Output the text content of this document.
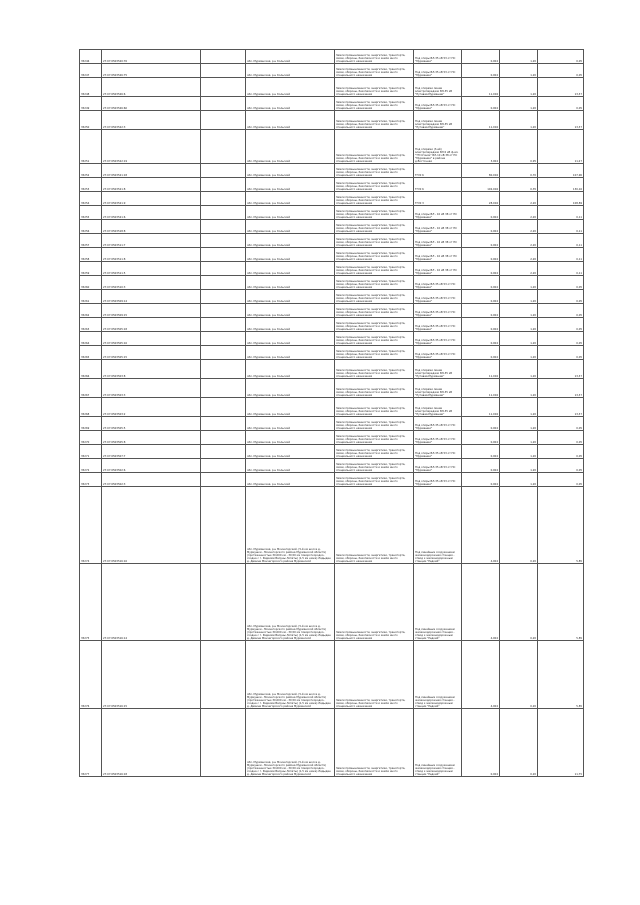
35246	27:07:0503520:76		обл. Мурманская, р-н Кольский	Земли промышленности, энергетики, транспорта, связи, обороны, безопасности и земли иного специального назначения	Под опоры ВЛ-35 кВ 53 от ПС "Мурмашии"	0,004	1,20	0,05
35247	27:07:0503526:75		обл. Мурманская, р-н Кольский	Земли промышленности, энергетики, транспорта, связи, обороны, безопасности и земли иного специального назначения	Под опоры ВЛ-35 кВ 53 от ПС "Мурмашии"	0,004	1,20	0,05
35248	27:07:0503526:6		обл. Мурманская, р-н Кольский	Земли промышленности, энергетики, транспорта, связи, обороны, безопасности и земли иного специального назначения	Под опорами линии электропередачи ВЛ-35 кВ "Путевая-Мурмашии"	11,004	1,20	13,37
35249	27:07:0503526:60		обл. Мурманская, р-н Кольский	Земли промышленности, энергетики, транспорта, связи, обороны, безопасности и земли иного специального назначения	Под опоры ВЛ-35 кВ 53 от ПС "Мурмашии"	0,004	1,20	0,05
35250	27:07:0503522:3		обл. Мурманская, р-н Кольский	Земли промышленности, энергетики, транспорта, связи, обороны, безопасности и земли иного специального назначения	Под опорами линии электропередачи ВЛ-35 кВ "Путевая-Мурмашии"	11,004	1,20	13,37
35251	27:07:0503522:19		обл. Мурманская, р-н Кольский	Земли промышленности, энергетики, транспорта, связи, обороны, безопасности и земли иного специального назначения	Под опорами (3-ей) электропередачи ВЛ 6 кВ ф-ал. "ТП Огонёк" ВЛ-10 кВ 38 от ПС "Мурмашии" в районе д.Восточная	3,004	0,95	11,27
35252	27:07:0503521:18		обл. Мурманская, р-н Кольский	Земли промышленности, энергетики, транспорта, связи, обороны, безопасности и земли иного специального назначения	ТП N 6	80,004	0,70	107,96
35253	27:07:0503521:8		обл. Мурманская, р-н Кольский	Земли промышленности, энергетики, транспорта, связи, обороны, безопасности и земли иного специального назначения	ТП N 6	102,004	0,35	130,16
35254	27:07:0503521:9		обл. Мурманская, р-н Кольский	Земли промышленности, энергетики, транспорта, связи, обороны, безопасности и земли иного специального назначения	ТП N 3	28,004	2,20	108,89
35255	27:07:0503521:6		обл. Мурманская, р-н Кольский	Земли промышленности, энергетики, транспорта, связи, обороны, безопасности и земли иного специального назначения	Под опоры ВЛ - 10 кВ 38 от ПС "Мурмашии"	0,004	2,20	0,11
35256	27:07:0503518:8		обл. Мурманская, р-н Кольский	Земли промышленности, энергетики, транспорта, связи, обороны, безопасности и земли иного специального назначения	Под опоры ВЛ - 10 кВ 38 от ПС "Мурмашии"	0,004	2,20	0,11
35257	27:07:0503511:7		обл. Мурманская, р-н Кольский	Земли промышленности, энергетики, транспорта, связи, обороны, безопасности и земли иного специального назначения	Под опоры ВЛ - 10 кВ 38 от ПС "Мурмашии"	0,004	2,20	0,11
35258	27:07:0503511:8		обл. Мурманская, р-н Кольский	Земли промышленности, энергетики, транспорта, связи, обороны, безопасности и земли иного специального назначения	Под опоры ВЛ - 10 кВ 38 от ПС "Мурмашии"	0,004	2,20	0,11
35259	27:07:0503511:5		обл. Мурманская, р-н Кольский	Земли промышленности, энергетики, транспорта, связи, обороны, безопасности и земли иного специального назначения	Под опоры ВЛ - 10 кВ 38 от ПС "Мурмашии"	0,004	2,20	0,11
35260	27:07:0503510:3		обл. Мурманская, р-н Кольский	Земли промышленности, энергетики, транспорта, связи, обороны, безопасности и земли иного специального назначения	Под опоры ВЛ-35 кВ 53 от ПС "Мурмашии"	0,004	1,20	0,05
35261	27:07:0503509:14		обл. Мурманская, р-н Кольский	Земли промышленности, энергетики, транспорта, связи, обороны, безопасности и земли иного специального назначения	Под опоры ВЛ-35 кВ 53 от ПС "Мурмашии"	0,004	1,20	0,05
35262	27:07:0503509:15		обл. Мурманская, р-н Кольский	Земли промышленности, энергетики, транспорта, связи, обороны, безопасности и земли иного специального назначения	Под опоры ВЛ-35 кВ 53 от ПС "Мурмашии"	0,004	1,20	0,05
35263	27:07:0503505:18		обл. Мурманская, р-н Кольский	Земли промышленности, энергетики, транспорта, связи, обороны, безопасности и земли иного специального назначения	Под опоры ВЛ-35 кВ 53 от ПС "Мурмашии"	0,004	1,20	0,05
35264	27:07:0503505:16		обл. Мурманская, р-н Кольский	Земли промышленности, энергетики, транспорта, связи, обороны, безопасности и земли иного специального назначения	Под опоры ВЛ-35 кВ 53 от ПС "Мурмашии"	0,004	1,20	0,05
35265	27:07:0503505:15		обл. Мурманская, р-н Кольский	Земли промышленности, энергетики, транспорта, связи, обороны, безопасности и земли иного специального назначения	Под опоры ВЛ-35 кВ 53 от ПС "Мурмашии"	0,004	1,20	0,05
35266	27:07:0503503:8		обл. Мурманская, р-н Кольский	Земли промышленности, энергетики, транспорта, связи, обороны, безопасности и земли иного специального назначения	Под опорами линии электропередачи ВЛ-35 кВ "Путевая-Мурмашии"	11,004	1,20	13,37
35267	27:07:0503503:3		обл. Мурманская, р-н Кольский	Земли промышленности, энергетики, транспорта, связи, обороны, безопасности и земли иного специального назначения	Под опорами линии электропередачи ВЛ-35 кВ "Путевая-Мурмашии"	11,004	1,20	13,37
35268	27:07:0503503:2		обл. Мурманская, р-н Кольский	Земли промышленности, энергетики, транспорта, связи, обороны, безопасности и земли иного специального назначения	Под опорами линии электропередачи ВЛ-35 кВ "Путевая-Мурмашии"	11,004	1,20	13,37
35269	27:07:0503505:5		обл. Мурманская, р-н Кольский	Земли промышленности, энергетики, транспорта, связи, обороны, безопасности и земли иного специального назначения	Под опоры ВЛ-35 кВ 53 от ПС "Мурмашии"	0,004	1,20	0,05
35270	27:07:0503505:8		обл. Мурманская, р-н Кольский	Земли промышленности, энергетики, транспорта, связи, обороны, безопасности и земли иного специального назначения	Под опоры ВЛ-35 кВ 53 от ПС "Мурмашии"	0,004	1,20	0,05
35271	27:07:0503507:7		обл. Мурманская, р-н Кольский	Земли промышленности, энергетики, транспорта, связи, обороны, безопасности и земли иного специального назначения	Под опоры ВЛ-35 кВ 53 от ПС "Мурмашии"	0,004	1,20	0,05
35272	27:07:0503502:6		обл. Мурманская, р-н Кольский	Земли промышленности, энергетики, транспорта, связи, обороны, безопасности и земли иного специального назначения	Под опоры ВЛ-35 кВ 53 от ПС "Мурмашии"	0,004	1,20	0,05
35273	27:07:0503502:3		обл. Мурманская, р-н Кольский	Земли промышленности, энергетики, транспорта, связи, обороны, безопасности и земли иного специального назначения	Под опоры ВЛ-35 кВ 53 от ПС "Мурмашии"	0,004	1,20	0,05
35274	27:07:0503516:16		обл. Мурманская, р-н Мончегорский, (5-й км шоссе д. Мурмушки - Мончегорского района Мурманской области) (протяженностью 30,000 км - 30,50 км повороткородко-сходна с г. Редкими Валуны Лопаты) (1,5 км ниже) Ладыдан д. Демина Мончегорского района Мурманской	Земли промышленности, энергетики, транспорта, связи, обороны, безопасности и земли иного специального назначения	Под линейным сооружением железнодорожная станция - отвод к железнодорожным станции "Редкий"	4,004	0,20	5,85
35275	27:07:0503516:14		обл. Мурманская, р-н Мончегорский, (5-й км шоссе д. Мурмушки - Мончегорского района Мурманской области) (протяженностью 30,000 км - 30,50 км повороткородко-сходна с г. Редкими Валуны Лопаты) (1,5 км ниже) Ладыдан д. Демина Мончегорского района Мурманской	Земли промышленности, энергетики, транспорта, связи, обороны, безопасности и земли иного специального назначения	Под линейным сооружением железнодорожная станция - отвод к железнодорожным станции "Редкий"	4,004	0,20	5,85
35276	27:07:0503516:15		обл. Мурманская, р-н Мончегорский, (5-й км шоссе д. Мурмушки - Мончегорского района Мурманской области) (протяженностью 30,000 км - 30,50 км повороткородко-сходна с г. Редкими Валуны Лопаты) (1,5 км ниже) Ладыдан д. Демина Мончегорского района Мурманской	Земли промышленности, энергетики, транспорта, связи, обороны, безопасности и земли иного специального назначения	Под линейным сооружением железнодорожная станция - отвод к железнодорожным станции "Редкий"	4,004	0,20	5,85
35277	27:07:0503516:18		обл. Мурманская, р-н Мончегорский, (5-й км шоссе д. Мурмушки - Мончегорского района Мурманской области) (протяженностью 30,000 км - 30,50 км повороткородко-сходна с г. Редкими Валуны Лопаты) (1,5 км ниже) Ладыдан д. Демина Мончегорского района Мурманской	Земли промышленности, энергетики, транспорта, связи, обороны, безопасности и земли иного специального назначения	Под линейным сооружением железнодорожная станция - отвод к железнодорожным станции "Редкий"	0,004	0,20	11,75
